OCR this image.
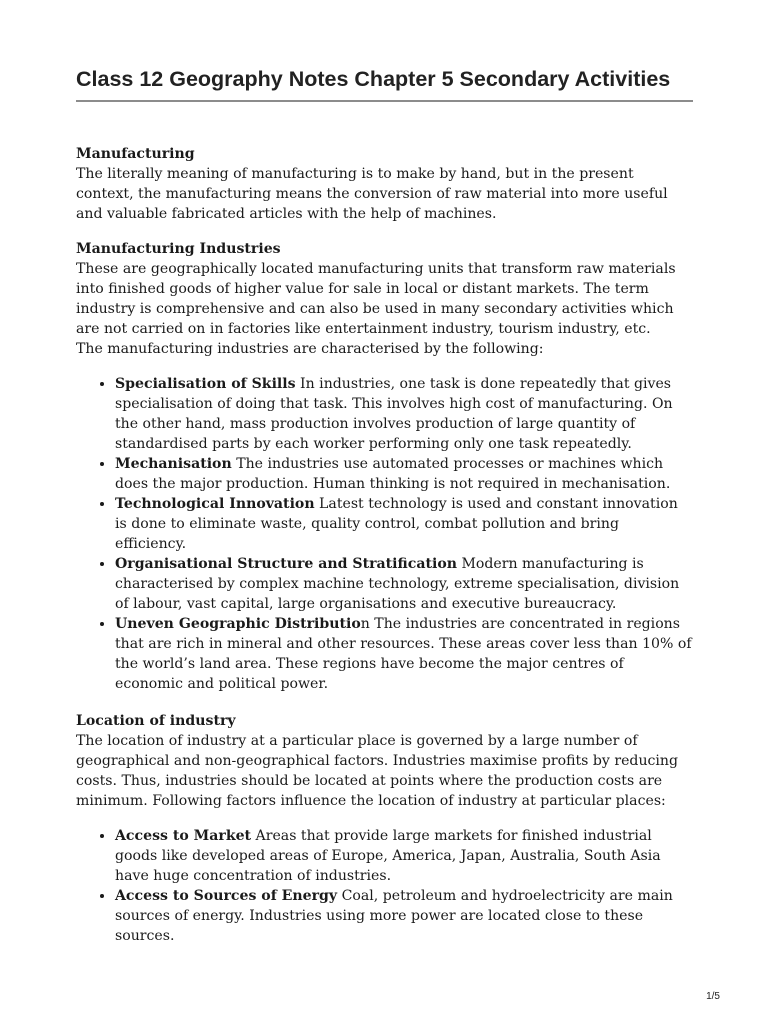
Class 12 Geography Notes Chapter 5 Secondary Activities

Manufacturing
The literally meaning of manufacturing is to make by hand, but in the present context, the manufacturing means the conversion of raw material into more useful and valuable fabricated articles with the help of machines.

Manufacturing Industries
These are geographically located manufacturing units that transform raw materials into finished goods of higher value for sale in local or distant markets. The term industry is comprehensive and can also be used in many secondary activities which are not carried on in factories like entertainment industry, tourism industry, etc.
The manufacturing industries are characterised by the following:

• Specialisation of Skills In industries, one task is done repeatedly that gives specialisation of doing that task. This involves high cost of manufacturing. On the other hand, mass production involves production of large quantity of standardised parts by each worker performing only one task repeatedly.
• Mechanisation The industries use automated processes or machines which does the major production. Human thinking is not required in mechanisation.
• Technological Innovation Latest technology is used and constant innovation is done to eliminate waste, quality control, combat pollution and bring efficiency.
• Organisational Structure and Stratification Modern manufacturing is characterised by complex machine technology, extreme specialisation, division of labour, vast capital, large organisations and executive bureaucracy.
• Uneven Geographic Distribution The industries are concentrated in regions that are rich in mineral and other resources. These areas cover less than 10% of the world’s land area. These regions have become the major centres of economic and political power.

Location of industry
The location of industry at a particular place is governed by a large number of geographical and non-geographical factors. Industries maximise profits by reducing costs. Thus, industries should be located at points where the production costs are minimum. Following factors influence the location of industry at particular places:

• Access to Market Areas that provide large markets for finished industrial goods like developed areas of Europe, America, Japan, Australia, South Asia have huge concentration of industries.
• Access to Sources of Energy Coal, petroleum and hydroelectricity are main sources of energy. Industries using more power are located close to these sources.
1/5
